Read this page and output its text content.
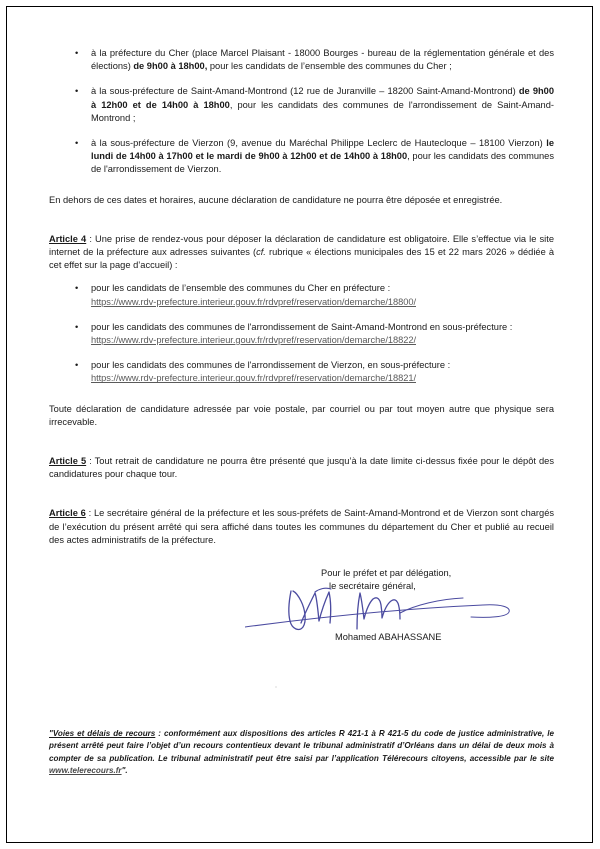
• à la préfecture du Cher (place Marcel Plaisant - 18000 Bourges - bureau de la réglementation générale et des élections) de 9h00 à 18h00, pour les candidats de l’ensemble des communes du Cher ;
• à la sous-préfecture de Saint-Amand-Montrond (12 rue de Juranville – 18200 Saint-Amand-Montrond) de 9h00 à 12h00 et de 14h00 à 18h00, pour les candidats des communes de l'arrondissement de Saint-Amand-Montrond ;
• à la sous-préfecture de Vierzon (9, avenue du Maréchal Philippe Leclerc de Hautecloque – 18100 Vierzon) le lundi de 14h00 à 17h00 et le mardi de 9h00 à 12h00 et de 14h00 à 18h00, pour les candidats des communes de l'arrondissement de Vierzon.

En dehors de ces dates et horaires, aucune déclaration de candidature ne pourra être déposée et enregistrée.

Article 4 : Une prise de rendez-vous pour déposer la déclaration de candidature est obligatoire. Elle s’effectue via le site internet de la préfecture aux adresses suivantes (cf. rubrique « élections municipales des 15 et 22 mars 2026 » dédiée à cet effet sur la page d’accueil) :

• pour les candidats de l’ensemble des communes du Cher en préfecture :
https://www.rdv-prefecture.interieur.gouv.fr/rdvpref/reservation/demarche/18800/
• pour les candidats des communes de l'arrondissement de Saint-Amand-Montrond en sous-préfecture :
https://www.rdv-prefecture.interieur.gouv.fr/rdvpref/reservation/demarche/18822/
• pour les candidats des communes de l'arrondissement de Vierzon, en sous-préfecture :
https://www.rdv-prefecture.interieur.gouv.fr/rdvpref/reservation/demarche/18821/

Toute déclaration de candidature adressée par voie postale, par courriel ou par tout moyen autre que physique sera irrecevable.

Article 5 : Tout retrait de candidature ne pourra être présenté que jusqu’à la date limite ci-dessus fixée pour le dépôt des candidatures pour chaque tour.

Article 6 : Le secrétaire général de la préfecture et les sous-préfets de Saint-Amand-Montrond et de Vierzon sont chargés de l’exécution du présent arrêté qui sera affiché dans toutes les communes du département du Cher et publié au recueil des actes administratifs de la préfecture.

Pour le préfet et par délégation,
le secrétaire général,
Mohamed ABAHASSANE
"Voies et délais de recours : conformément aux dispositions des articles R 421-1 à R 421-5 du code de justice administrative, le présent arrêté peut faire l’objet d’un recours contentieux devant le tribunal administratif d’Orléans dans un délai de deux mois à compter de sa publication. Le tribunal administratif peut être saisi par l’application Télérecours citoyens, accessible par le site www.telerecours.fr".
